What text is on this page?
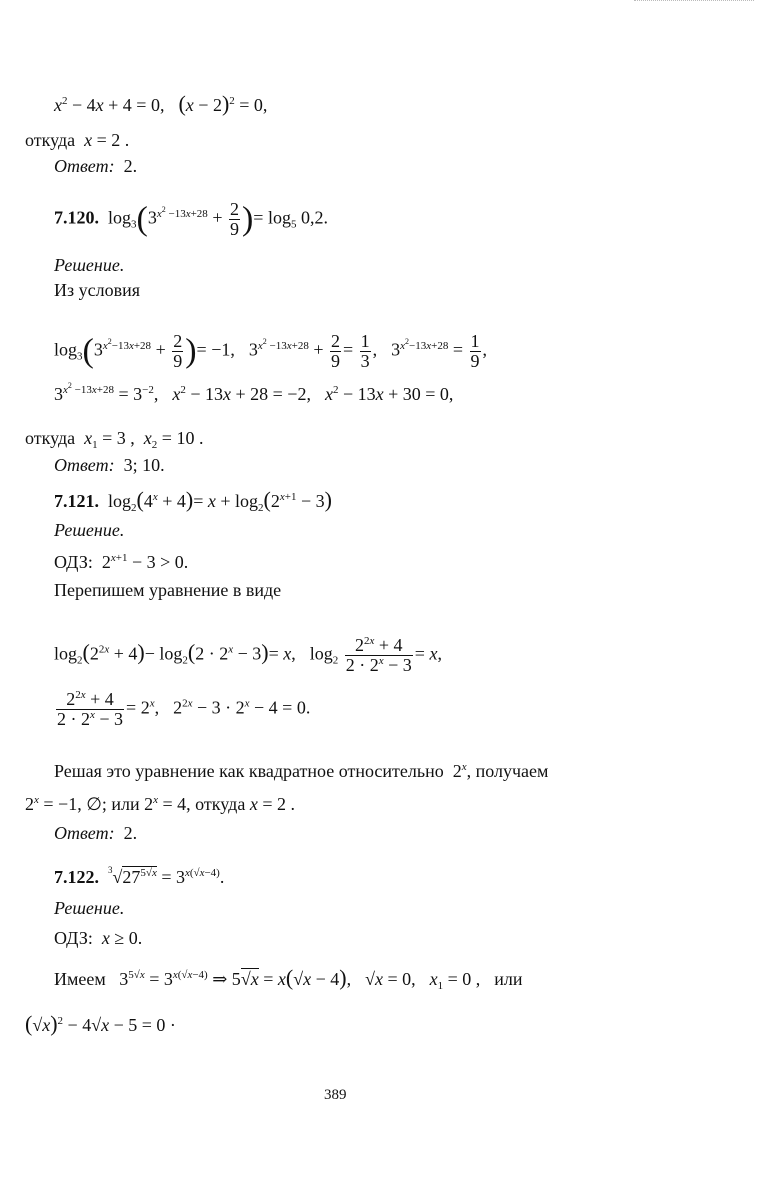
$x^2 - 4x + 4 = 0$, $(x - 2)^2 = 0$,
откуда x = 2 .
Ответ: 2.
7.120.  $\log_3(3^{x^2 -13x+28} + \frac{2}{9}$ )= $\log_5 0,2$.
Решение.
Из условия
$\log_3(3^{x^2-13x+28} + \frac{2}{9}$ )= −1, $3^{x^2 -13x+28} + \frac{2}{9} = \frac{1}{3}$ , $3^{x^2-13x+28} = \frac{1}{9}$ ,
$3^{x^2 -13x+28} = 3^{-2}$, $x^2 - 13x + 28 = -2$, $x^2 - 13x + 30 = 0$,
откуда $x_1 = 3$ ,  $x_2 = 10$ .
Ответ: 3; 10.
7.121.  $\log_2(4^x + 4)= x + \log_2(2^{x+1} - 3)$
Решение.
ОДЗ:  $2^{x+1} - 3 > 0$.
Перепишем уравнение в виде
$\log_2(2^{2x} + 4)- \log_2(2 \cdot 2^x - 3)= x$, $\log_2 \frac{2^{2x} + 4}{2 \cdot 2^x - 3} = x$,
$\frac{2^{2x} + 4}{2 \cdot 2^x - 3} = 2^x$, $2^{2x} - 3 \cdot 2^x - 4 = 0$.
Решая это уравнение как квадратное относительно  2$^x$, получаем
$2^x = -1$, ∅; или $2^x = 4$, откуда x = 2 .
Ответ: 2.
7.122. $^3√27^{5√x} = 3^{x(√x-4)}$.
Решение.
ОДЗ: x ≥ 0.
Имеем   $3^{5√x} = 3^{x(√x-4)}$ ⇒ 5√x = x(√x − 4), √x = 0, $x_1 = 0$ , или
$(√x)^2 - 4√x - 5 = 0$ ·
389
